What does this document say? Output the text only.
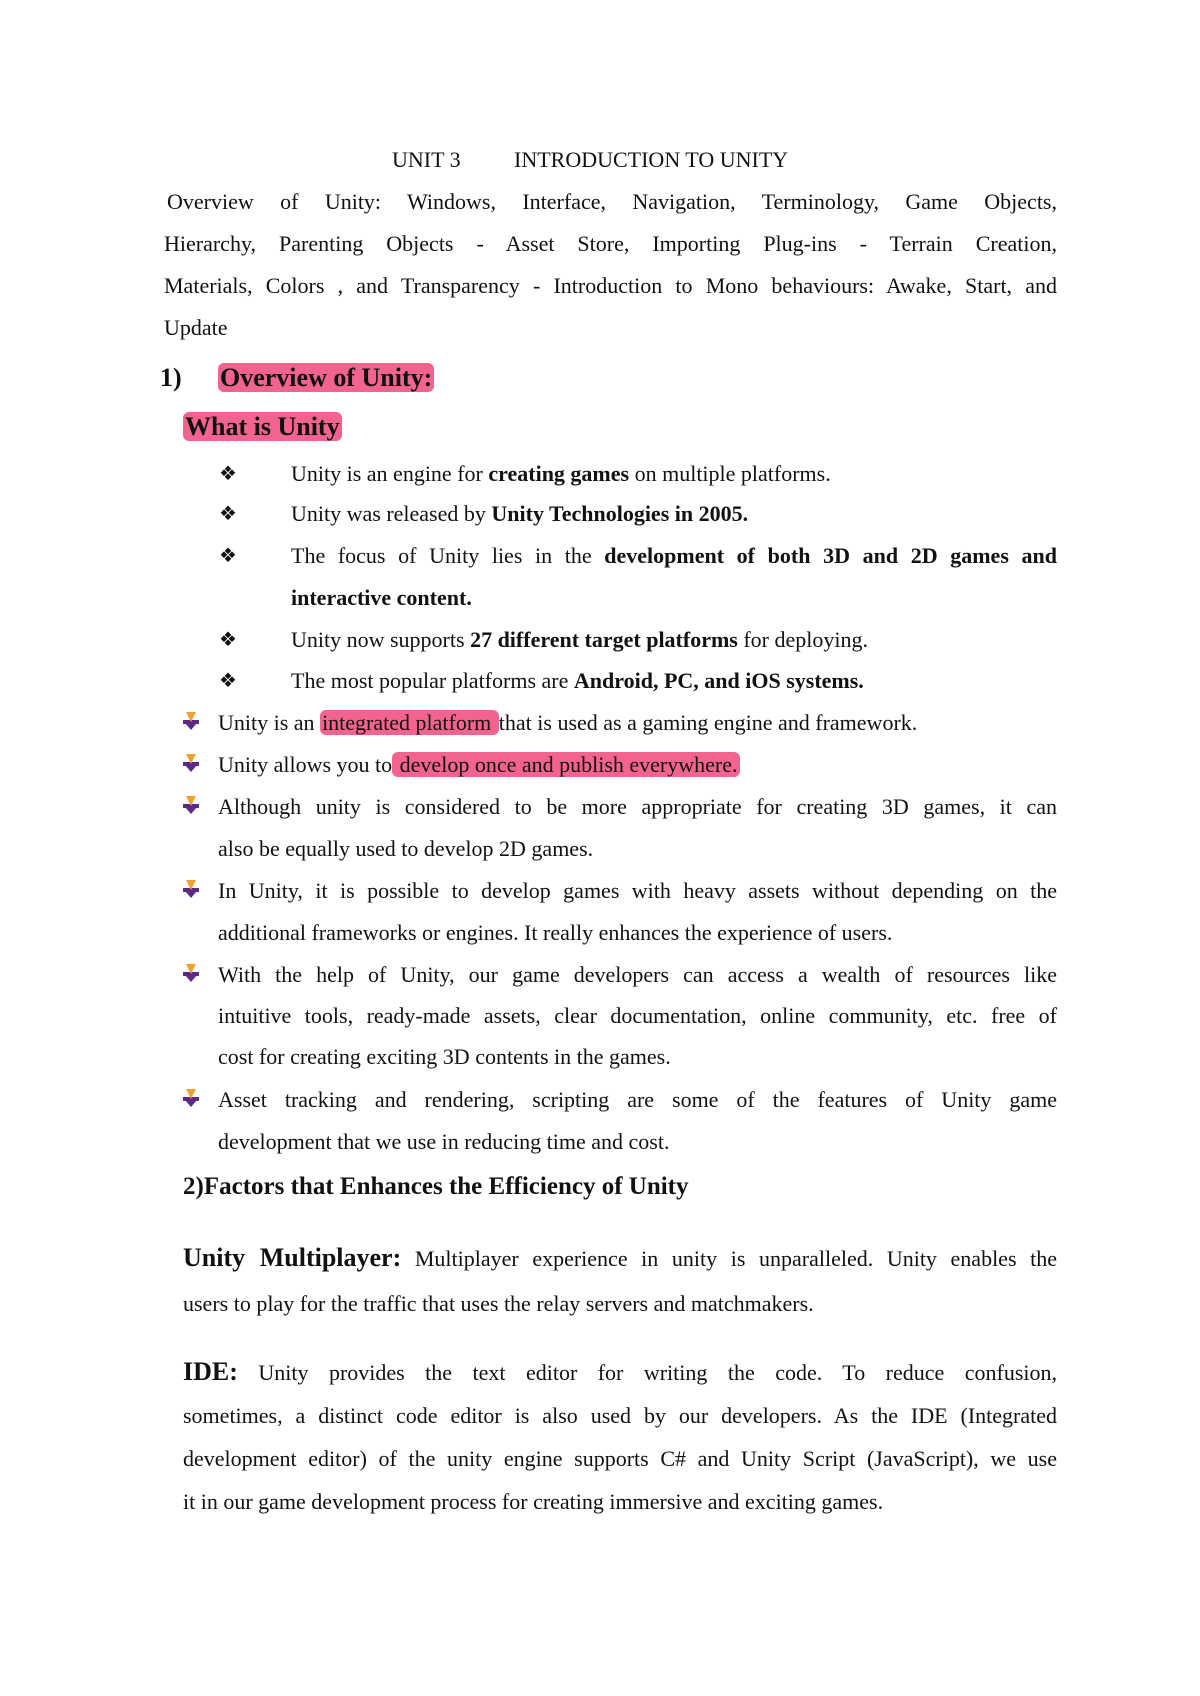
UNIT 3 INTRODUCTION TO UNITY
Overview of Unity: Windows, Interface, Navigation, Terminology, Game Objects,
Hierarchy, Parenting Objects - Asset Store, Importing Plug-ins - Terrain Creation,
Materials, Colors , and Transparency - Introduction to Mono behaviours: Awake, Start, and
Update
1) Overview of Unity:
What is Unity
❖ Unity is an engine for creating games on multiple platforms.
❖ Unity was released by Unity Technologies in 2005.
❖ The focus of Unity lies in the development of both 3D and 2D games and
interactive content.
❖ Unity now supports 27 different target platforms for deploying.
❖ The most popular platforms are Android, PC, and iOS systems.
Unity is an integrated platform that is used as a gaming engine and framework.
Unity allows you to develop once and publish everywhere.
Although unity is considered to be more appropriate for creating 3D games, it can
also be equally used to develop 2D games.
In Unity, it is possible to develop games with heavy assets without depending on the
additional frameworks or engines. It really enhances the experience of users.
With the help of Unity, our game developers can access a wealth of resources like
intuitive tools, ready-made assets, clear documentation, online community, etc. free of
cost for creating exciting 3D contents in the games.
Asset tracking and rendering, scripting are some of the features of Unity game
development that we use in reducing time and cost.
2)Factors that Enhances the Efficiency of Unity
Unity Multiplayer: Multiplayer experience in unity is unparalleled. Unity enables the
users to play for the traffic that uses the relay servers and matchmakers.
IDE: Unity provides the text editor for writing the code. To reduce confusion,
sometimes, a distinct code editor is also used by our developers. As the IDE (Integrated
development editor) of the unity engine supports C# and Unity Script (JavaScript), we use
it in our game development process for creating immersive and exciting games.
